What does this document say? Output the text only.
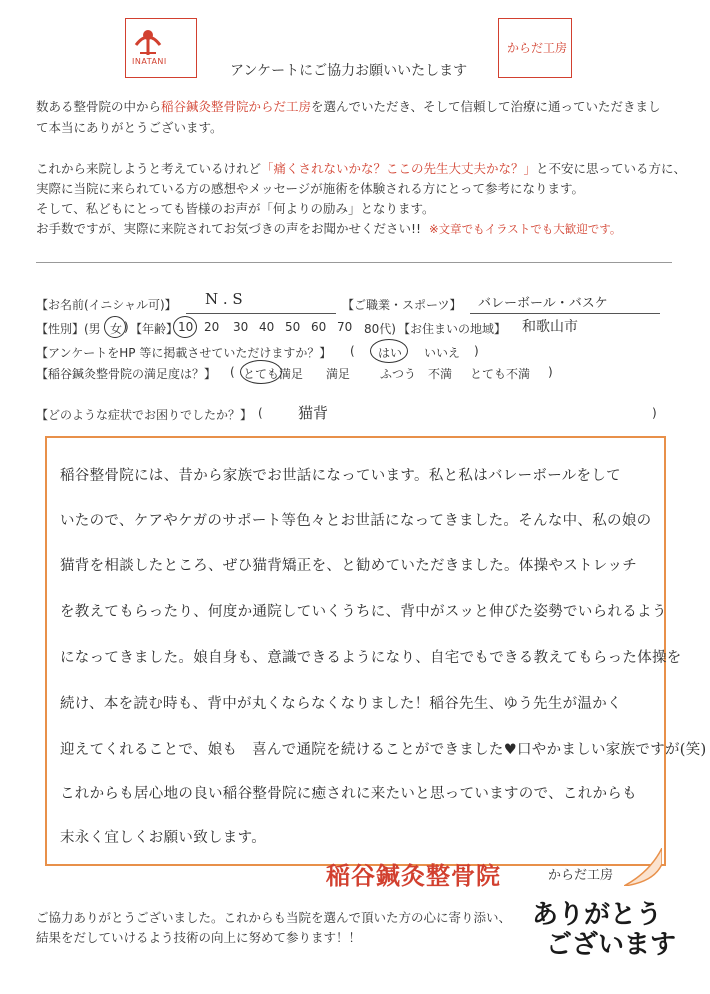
INATANI
からだ工房
アンケートにご協力お願いいたします
数ある整骨院の中から稲谷鍼灸整骨院からだ工房を選んでいただき、そして信頼して治療に通っていただきまし
て本当にありがとうございます。
これから来院しようと考えているけれど「痛くされないかな？ここの先生大丈夫かな？」と不安に思っている方に、
実際に当院に来られている方の感想やメッセージが施術を体験される方にとって参考になります。
そして、私どもにとっても皆様のお声が「何よりの励み」となります。
お手数ですが、実際に来院されてお気づきの声をお聞かせください!! ※文章でもイラストでも大歓迎です。
【お名前(イニシャル可)】 N . S	【ご職業・スポーツ】 バレーボール・バスケ
【性別】(男 女 ) 【年齢】 10 20 30 40 50 60 70 80代) 【お住まいの地域】 和歌山市
【アンケートをHP 等に掲載させていただけますか？】 ( はい いいえ )
【稲谷鍼灸整骨院の満足度は？】 ( とても満足 満足 ふつう 不満 とても不満 )
【どのような症状でお困りでしたか？】 ( 猫背	)
稲谷整骨院には、昔から家族でお世話になっています。私と私はバレーボールをして
いたので、ケアやケガのサポート等色々とお世話になってきました。そんな中、私の娘の
猫背を相談したところ、ぜひ猫背矯正を、と勧めていただきました。体操やストレッチ
を教えてもらったり、何度か通院していくうちに、背中がスッと伸びた姿勢でいられるよう
になってきました。娘自身も、意識できるようになり、自宅でもできる教えてもらった体操を
続け、本を読む時も、背中が丸くならなくなりました！稲谷先生、ゆう先生が温かく
迎えてくれることで、娘も　喜んで通院を続けることができました♥口やかましい家族ですが(笑)
これからも居心地の良い稲谷整骨院に癒されに来たいと思っていますので、これからも
末永く宜しくお願い致します。
稲谷鍼灸整骨院	からだ工房
ありがとう
ございます
ご協力ありがとうございました。これからも当院を選んで頂いた方の心に寄り添い、
結果をだしていけるよう技術の向上に努めて参ります！！
